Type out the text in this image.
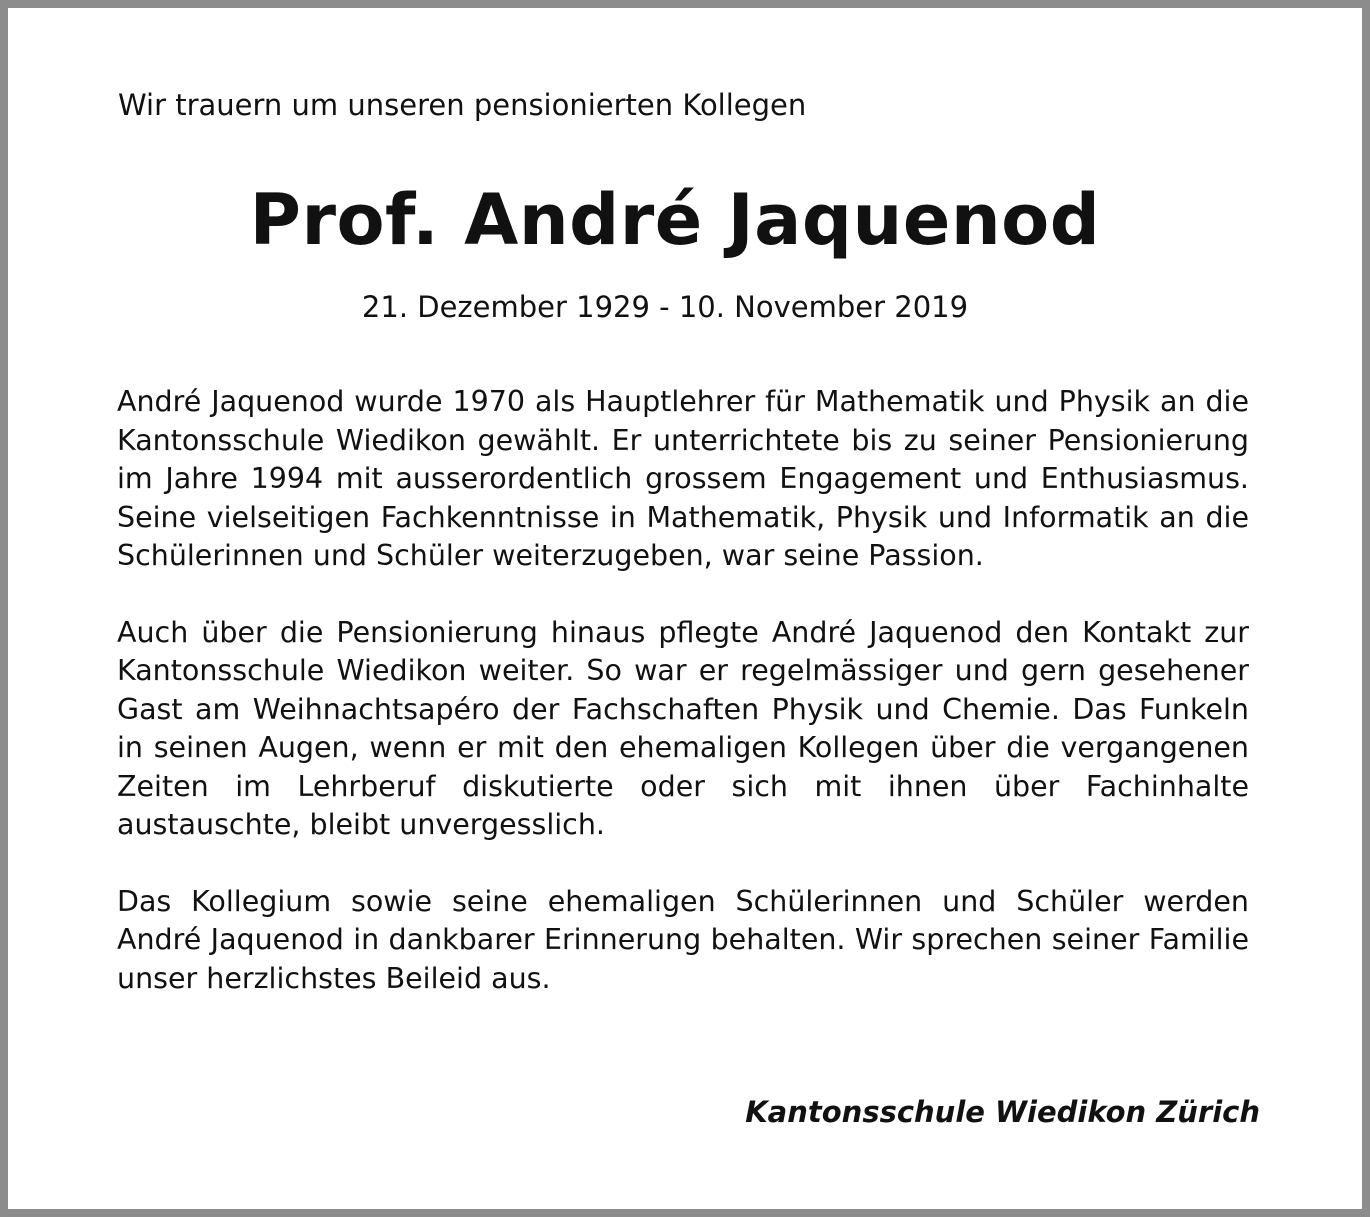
Wir trauern um unseren pensionierten Kollegen

Prof. André Jaquenod

21. Dezember 1929 - 10. November 2019

André Jaquenod wurde 1970 als Hauptlehrer für Mathematik und Physik an die Kantonsschule Wiedikon gewählt. Er unterrichtete bis zu seiner Pensionierung im Jahre 1994 mit ausserordentlich grossem Engagement und Enthusiasmus. Seine vielseitigen Fachkenntnisse in Mathematik, Physik und Informatik an die Schülerinnen und Schüler weiterzugeben, war seine Passion.

Auch über die Pensionierung hinaus pflegte André Jaquenod den Kontakt zur Kantonsschule Wiedikon weiter. So war er regelmässiger und gern gesehener Gast am Weihnachtsapéro der Fachschaften Physik und Chemie. Das Funkeln in seinen Augen, wenn er mit den ehemaligen Kollegen über die vergangenen Zeiten im Lehrberuf diskutierte oder sich mit ihnen über Fachinhalte austauschte, bleibt unvergesslich.

Das Kollegium sowie seine ehemaligen Schülerinnen und Schüler werden André Jaquenod in dankbarer Erinnerung behalten. Wir sprechen seiner Familie unser herzlichstes Beileid aus.

Kantonsschule Wiedikon Zürich
